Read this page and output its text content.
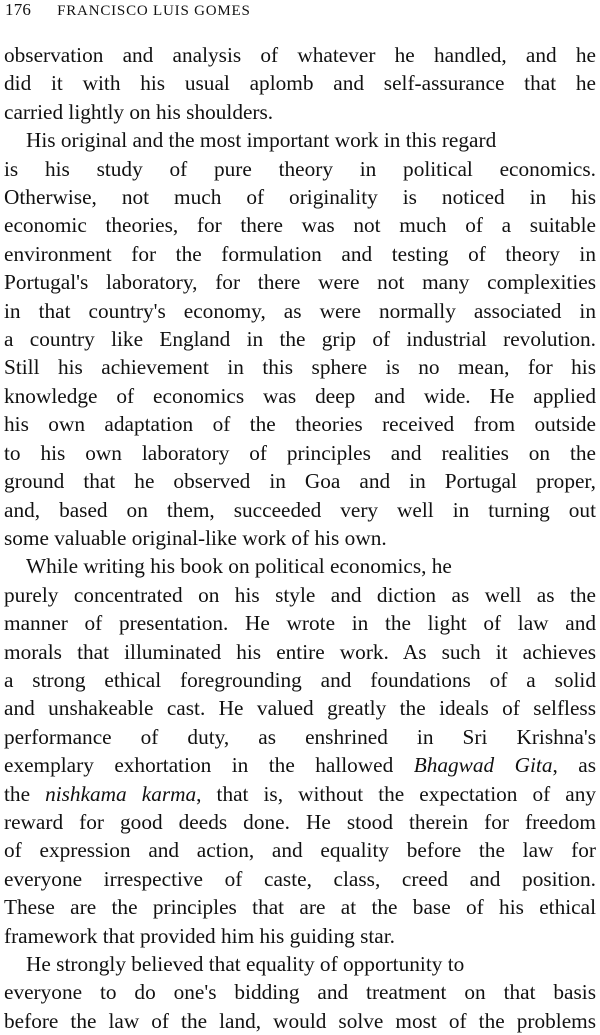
176 FRANCISCO LUIS GOMES

observation and analysis of whatever he handled, and he
did it with his usual aplomb and self-assurance that he
carried lightly on his shoulders.

His original and the most important work in this regard
is his study of pure theory in political economics.
Otherwise, not much of originality is noticed in his
economic theories, for there was not much of a suitable
environment for the formulation and testing of theory in
Portugal's laboratory, for there were not many complexities
in that country's economy, as were normally associated in
a country like England in the grip of industrial revolution.
Still his achievement in this sphere is no mean, for his
knowledge of economics was deep and wide. He applied
his own adaptation of the theories received from outside
to his own laboratory of principles and realities on the
ground that he observed in Goa and in Portugal proper,
and, based on them, succeeded very well in turning out
some valuable original-like work of his own.

While writing his book on political economics, he
purely concentrated on his style and diction as well as the
manner of presentation. He wrote in the light of law and
morals that illuminated his entire work. As such it achieves
a strong ethical foregrounding and foundations of a solid
and unshakeable cast. He valued greatly the ideals of selfless
performance of duty, as enshrined in Sri Krishna's
exemplary exhortation in the hallowed Bhagwad Gita, as
the nishkama karma, that is, without the expectation of any
reward for good deeds done. He stood therein for freedom
of expression and action, and equality before the law for
everyone irrespective of caste, class, creed and position.
These are the principles that are at the base of his ethical
framework that provided him his guiding star.

He strongly believed that equality of opportunity to
everyone to do one's bidding and treatment on that basis
before the law of the land, would solve most of the problems
